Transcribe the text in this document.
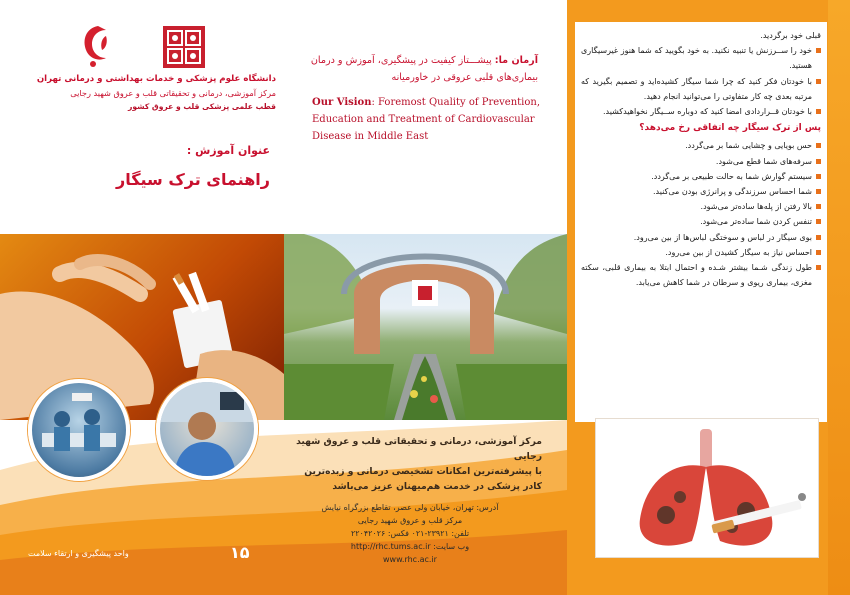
دانشگاه علوم پزشکی و خدمات بهداشتی و درمانی تهران
مرکز آموزشی، درمانی و تحقیقاتی قلب و عروق شهید رجایی
قطب علمی پزشکی قلب و عروق کشور
عنوان آموزش :
راهنمای ترک سیگار
آرمان ما: پیشـــتاز کیفیت در پیشگیری، آموزش و درمان بیماری‌های قلبی عروقی در خاورمیانه
Our Vision: Foremost Quality of Prevention, Education and Treatment of Cardiovascular Disease in Middle East
مرکز آموزشی، درمانی و تحقیقاتی قلب و عروق شهید رجایی
با پیشرفته‌ترین امکانات تشخیصی درمانی و زبده‌ترین
کادر پزشکی در خدمت هم‌میهنان عزیز می‌باشد
آدرس: تهران، خیابان ولی عصر، تقاطع بزرگراه نیایش
مرکز قلب و عروق شهید رجایی
تلفن: ۲۳۹۲۱-۰۲۱ فکس: ۲۲۰۴۲۰۲۶
وب سایت: http://rhc.tums.ac.ir
www.rhc.ac.ir
۱۵
واحد پیشگیری و ارتقاء سلامت
قبلی خود برگردید.
خود را ســرزنش یا تنبیه نکنید. به خود بگویید که شما هنوز غیرسیگاری هستید.
با خودتان فکر کنید که چرا شما سیگار کشیده‌اید و تصمیم بگیرید که مرتبه بعدی چه کار متفاوتی را می‌توانید انجام دهید.
با خودتان قــراردادی امضا کنید که دوباره ســیگار نخواهیدکشید.
پس از ترک سیگار چه اتفاقی رخ می‌دهد؟
حس بویایی و چشایی شما بر می‌گردد.
سرفه‌های شما قطع می‌شود.
سیستم گوارش شما به حالت طبیعی بر می‌گردد.
شما احساس سرزندگی و پرانرژی بودن می‌کنید.
بالا رفتن از پله‌ها ساده‌تر می‌شود.
تنفس کردن شما ساده‌تر می‌شود.
بوی سیگار در لباس و سوختگی لباس‌ها از بین می‌رود.
احساس نیاز به سیگار کشیدن از بین می‌رود.
طول زندگی شـما بیشتر شـده و احتمال ابتلا به بیماری قلبی، سکته مغزی، بیماری ریوی و سرطان در شما کاهش می‌یابد.
